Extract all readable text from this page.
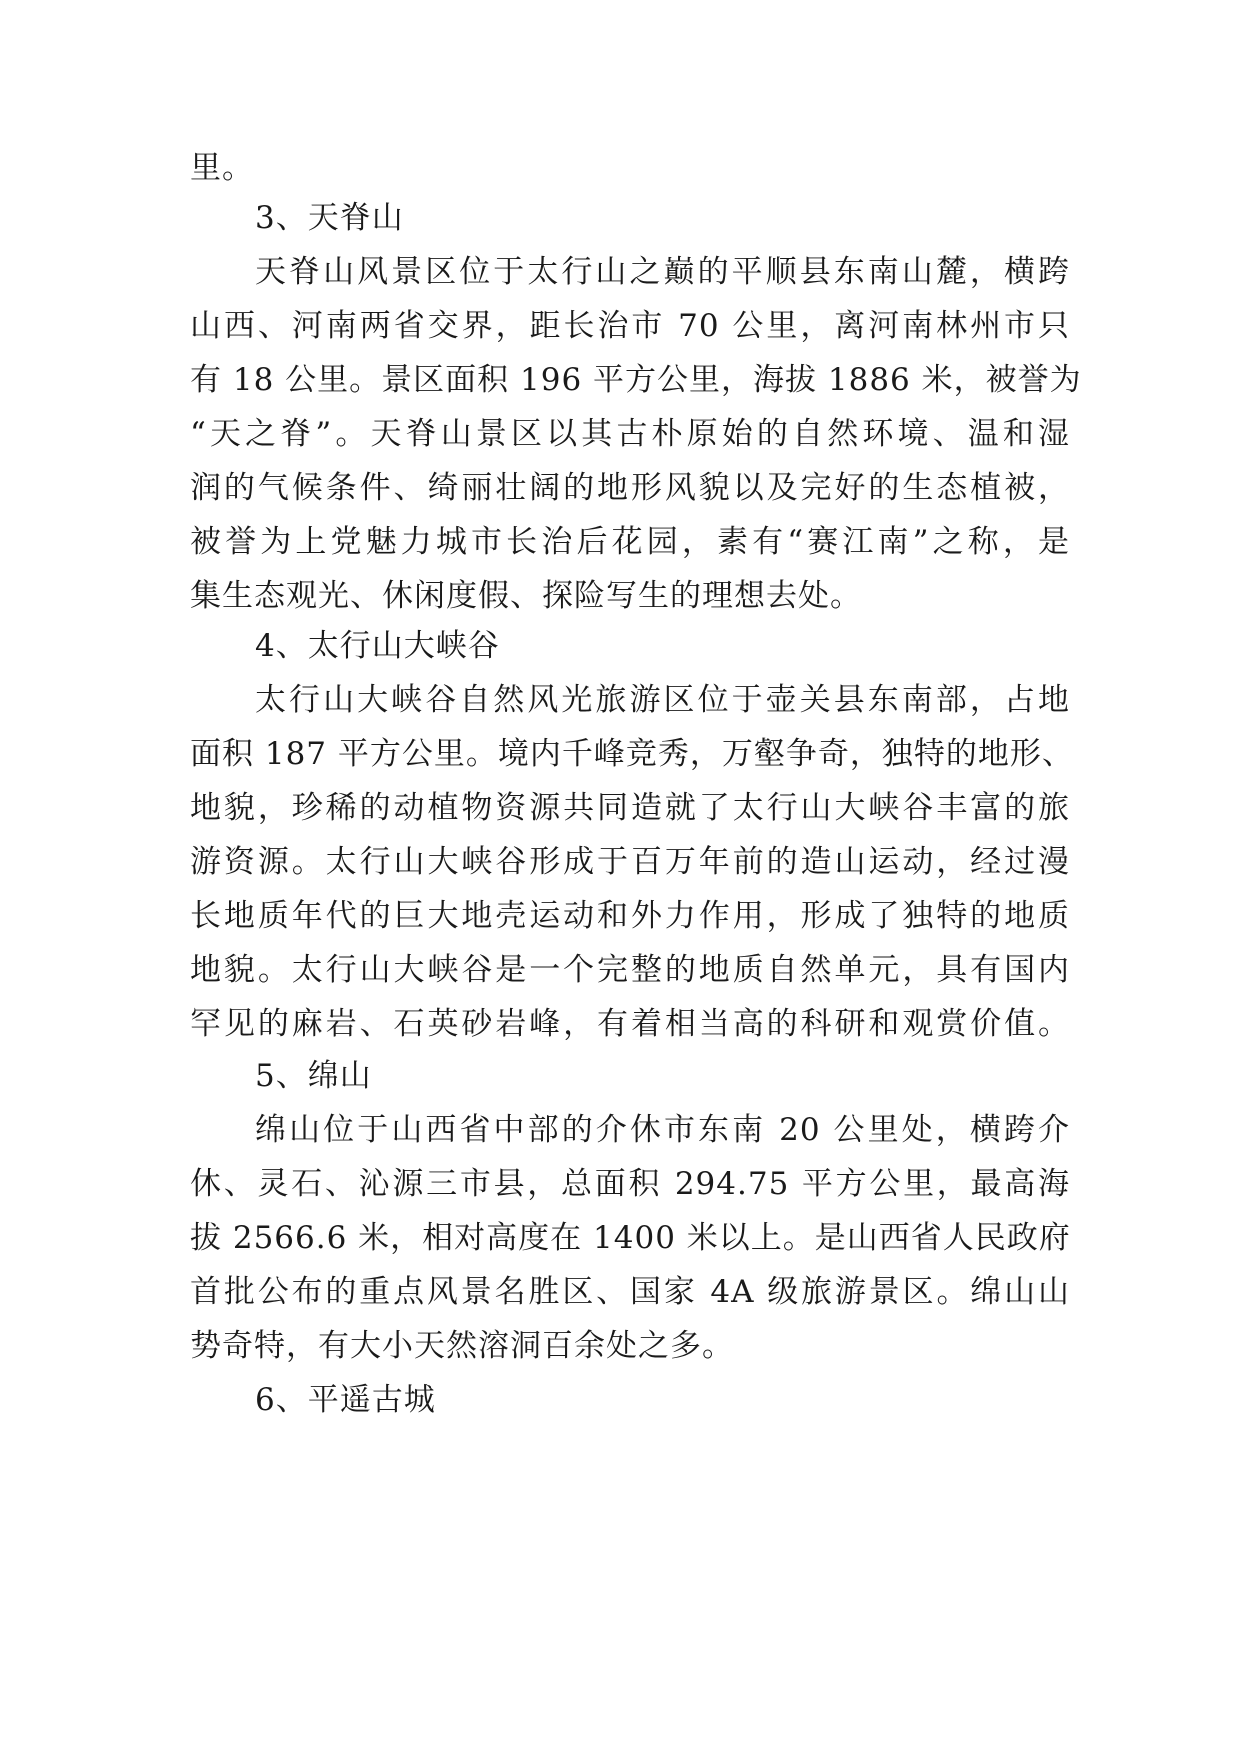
里。
3、天脊山
天脊山风景区位于太行山之巅的平顺县东南山麓，横跨
山西、河南两省交界，距长治市 70 公里，离河南林州市只
有 18 公里。景区面积 196 平方公里，海拔 1886 米，被誉为
“天之脊”。天脊山景区以其古朴原始的自然环境、温和湿
润的气候条件、绮丽壮阔的地形风貌以及完好的生态植被，
被誉为上党魅力城市长治后花园，素有“赛江南”之称，是
集生态观光、休闲度假、探险写生的理想去处。
4、太行山大峡谷
太行山大峡谷自然风光旅游区位于壶关县东南部，占地
面积 187 平方公里。境内千峰竞秀，万壑争奇，独特的地形、
地貌，珍稀的动植物资源共同造就了太行山大峡谷丰富的旅
游资源。太行山大峡谷形成于百万年前的造山运动，经过漫
长地质年代的巨大地壳运动和外力作用，形成了独特的地质
地貌。太行山大峡谷是一个完整的地质自然单元，具有国内
罕见的麻岩、石英砂岩峰，有着相当高的科研和观赏价值。
5、绵山
绵山位于山西省中部的介休市东南 20 公里处，横跨介
休、灵石、沁源三市县，总面积 294.75 平方公里，最高海
拔 2566.6 米，相对高度在 1400 米以上。是山西省人民政府
首批公布的重点风景名胜区、国家 4A 级旅游景区。绵山山
势奇特，有大小天然溶洞百余处之多。
6、平遥古城
